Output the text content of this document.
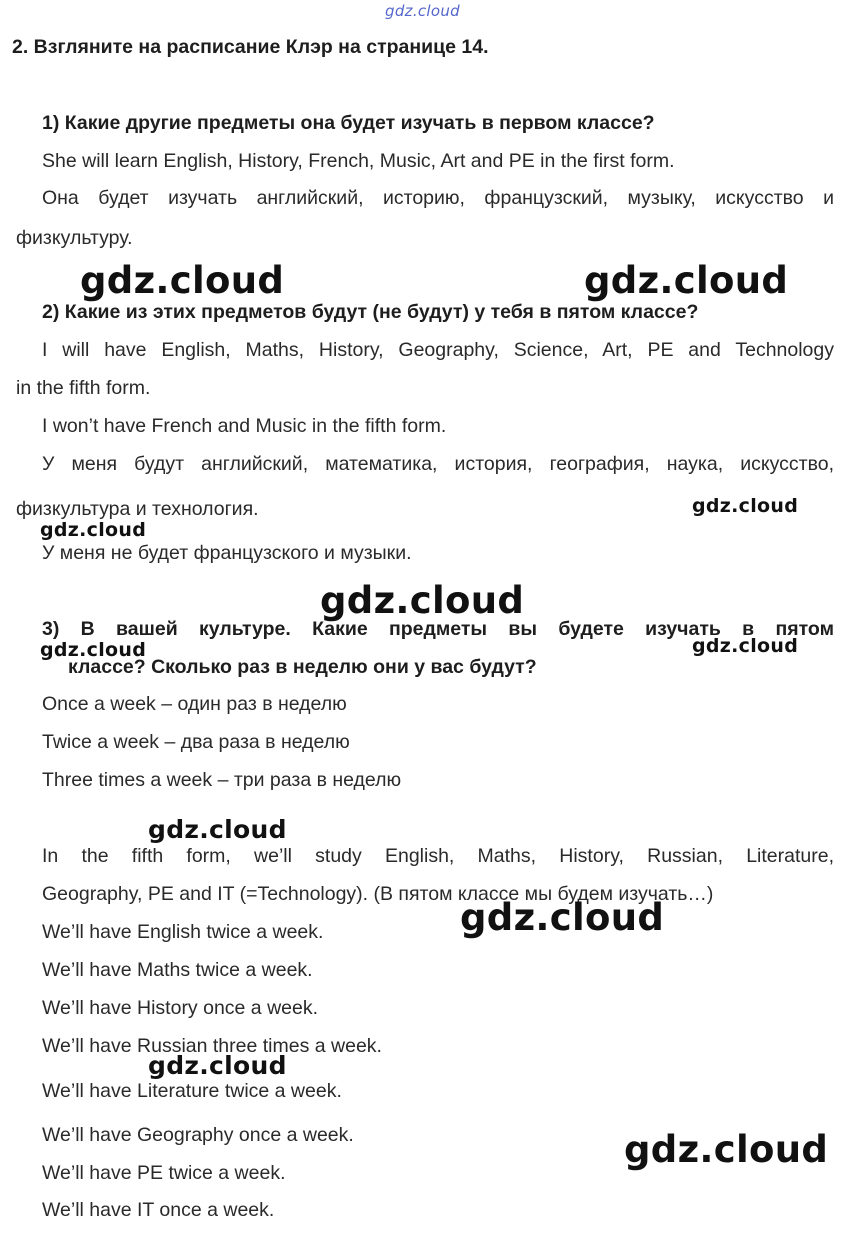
gdz.cloud
2. Взгляните на расписание Клэр на странице 14.
1) Какие другие предметы она будет изучать в первом классе?
She will learn English, History, French, Music, Art and PE in the first form.
Она будет изучать английский, историю, французский, музыку, искусство и
физкультуру.
gdz.cloud	gdz.cloud
2) Какие из этих предметов будут (не будут) у тебя в пятом классе?
I will have English, Maths, History, Geography, Science, Art, PE and Technology
in the fifth form.
I won’t have French and Music in the fifth form.
У меня будут английский, математика, история, география, наука, искусство,
физкультура и технология.	gdz.cloud
gdz.cloud
У меня не будет французского и музыки.
gdz.cloud
3) В вашей культуре. Какие предметы вы будете изучать в пятом
gdz.cloud	gdz.cloud
классе? Сколько раз в неделю они у вас будут?
Once a week – один раз в неделю
Twice a week – два раза в неделю
Three times a week – три раза в неделю
gdz.cloud
In the fifth form, we’ll study English, Maths, History, Russian, Literature,
Geography, PE and IT (=Technology). (В пятом классе мы будем изучать…)
gdz.cloud
We’ll have English twice a week.
We’ll have Maths twice a week.
We’ll have History once a week.
We’ll have Russian three times a week.
gdz.cloud
We’ll have Literature twice a week.
We’ll have Geography once a week.	gdz.cloud
We’ll have PE twice a week.
We’ll have IT once a week.
